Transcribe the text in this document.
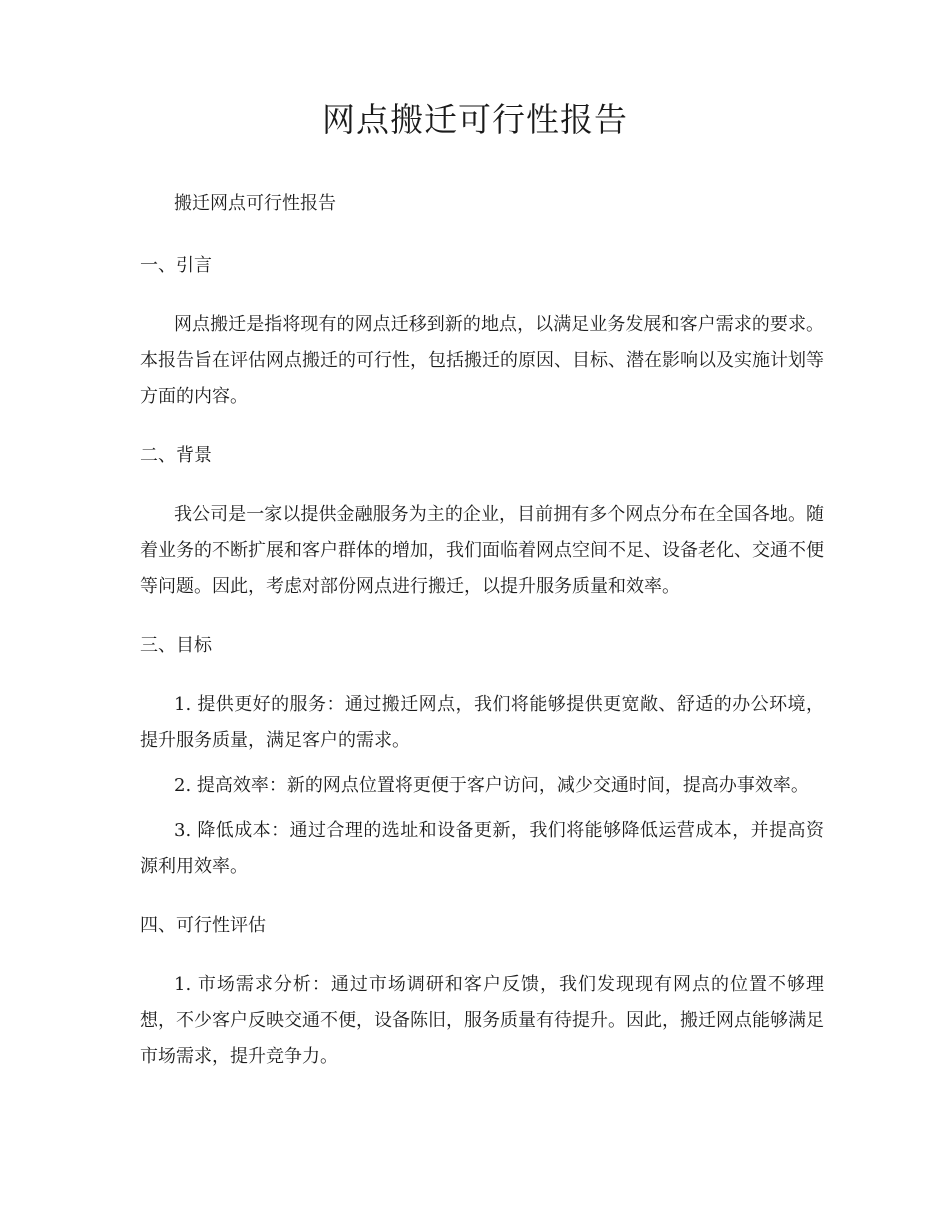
网点搬迁可行性报告

搬迁网点可行性报告

一、引言

网点搬迁是指将现有的网点迁移到新的地点，以满足业务发展和客户需求的要求。本报告旨在评估网点搬迁的可行性，包括搬迁的原因、目标、潜在影响以及实施计划等方面的内容。

二、背景

我公司是一家以提供金融服务为主的企业，目前拥有多个网点分布在全国各地。随着业务的不断扩展和客户群体的增加，我们面临着网点空间不足、设备老化、交通不便等问题。因此，考虑对部份网点进行搬迁，以提升服务质量和效率。

三、目标

1. 提供更好的服务：通过搬迁网点，我们将能够提供更宽敞、舒适的办公环境，提升服务质量，满足客户的需求。

2. 提高效率：新的网点位置将更便于客户访问，减少交通时间，提高办事效率。

3. 降低成本：通过合理的选址和设备更新，我们将能够降低运营成本，并提高资源利用效率。

四、可行性评估

1. 市场需求分析：通过市场调研和客户反馈，我们发现现有网点的位置不够理想，不少客户反映交通不便，设备陈旧，服务质量有待提升。因此，搬迁网点能够满足市场需求，提升竞争力。
